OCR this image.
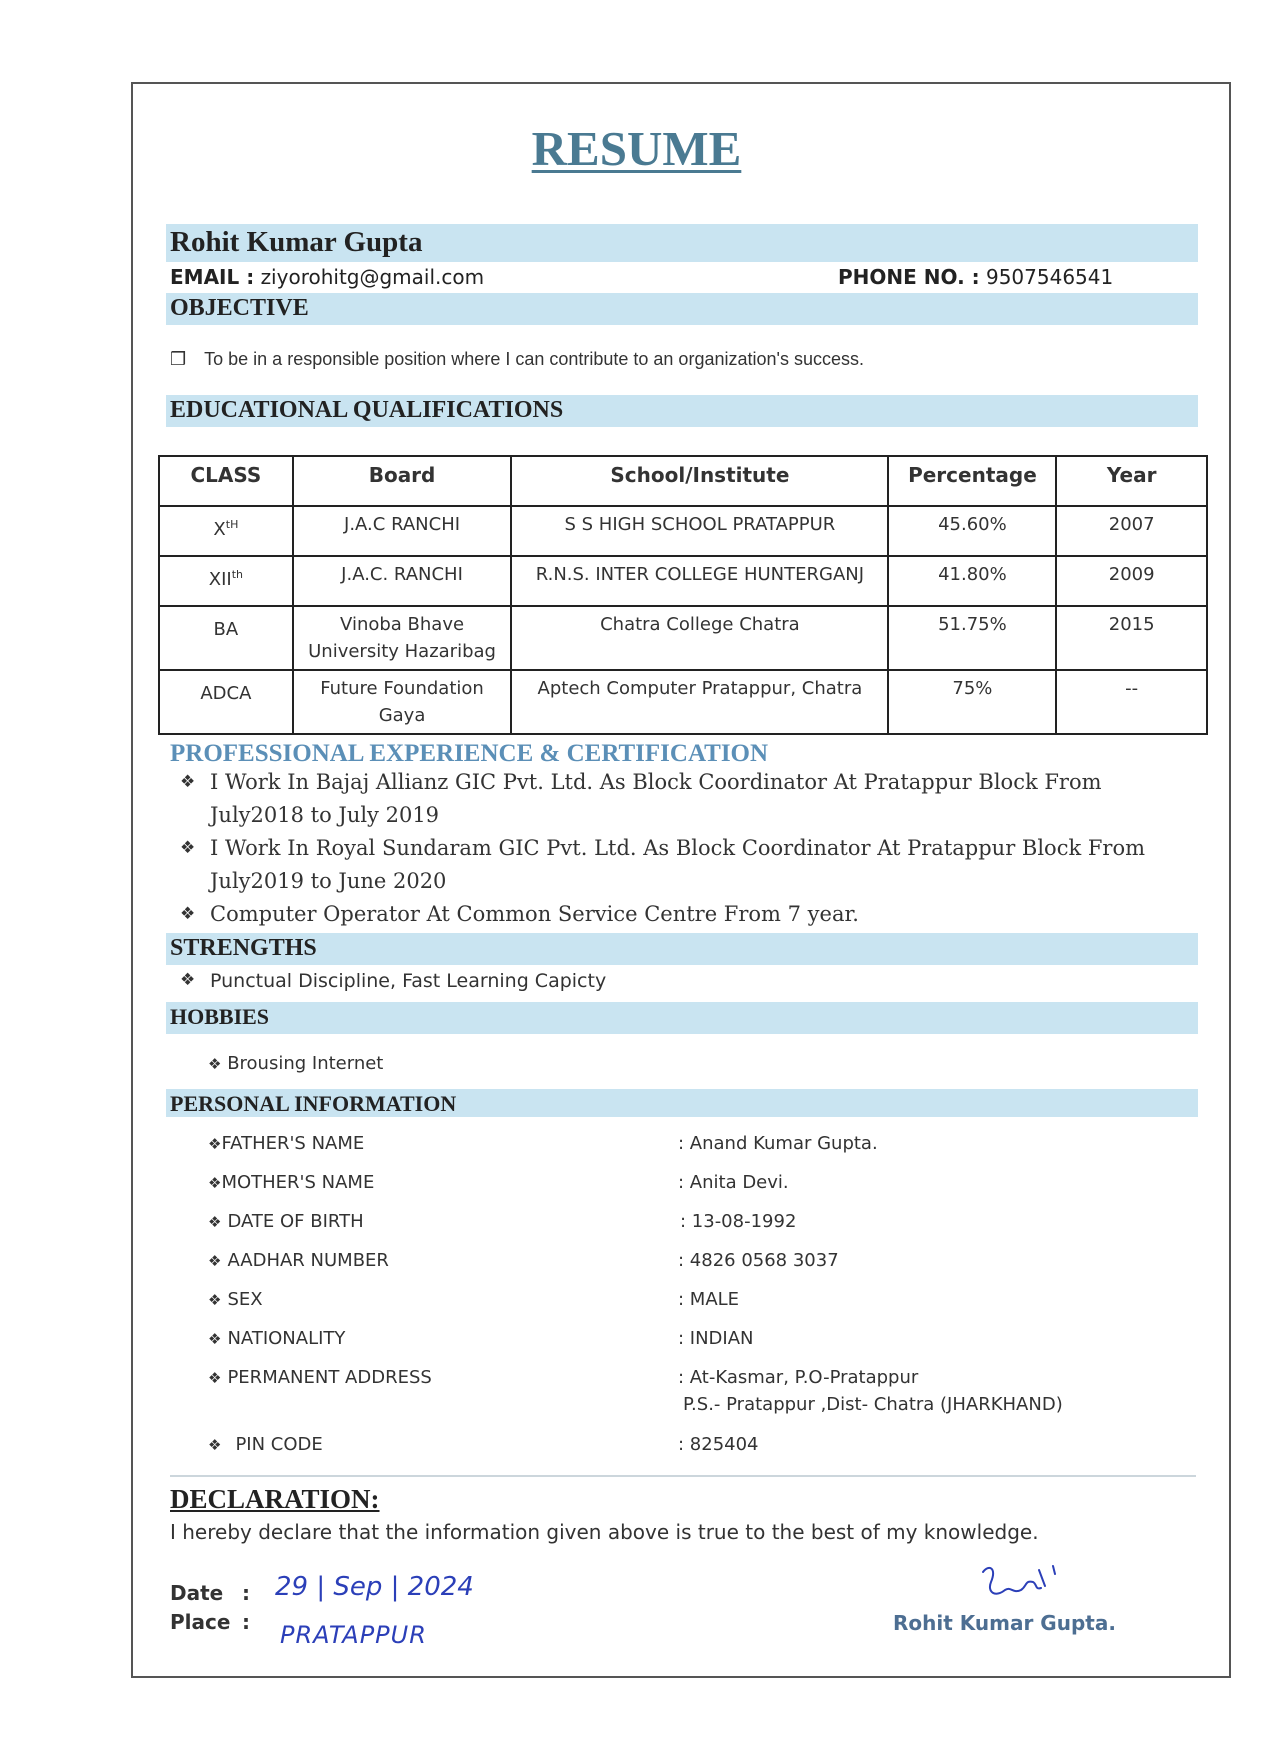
RESUME
Rohit Kumar Gupta
EMAIL : ziyorohitg@gmail.com	PHONE NO. : 9507546541
OBJECTIVE
❒ To be in a responsible position where I can contribute to an organization's success.
EDUCATIONAL QUALIFICATIONS
CLASS	Board	School/Institute	Percentage	Year
XtH	J.A.C RANCHI	S S HIGH SCHOOL PRATAPPUR	45.60%	2007
XIIth	J.A.C. RANCHI	R.N.S. INTER COLLEGE HUNTERGANJ	41.80%	2009
BA	Vinoba Bhave University Hazaribag	Chatra College Chatra	51.75%	2015
ADCA	Future Foundation Gaya	Aptech Computer Pratappur, Chatra	75%	--
PROFESSIONAL EXPERIENCE & CERTIFICATION
❖ I Work In Bajaj Allianz GIC Pvt. Ltd. As Block Coordinator At Pratappur Block From July2018 to July 2019
❖ I Work In Royal Sundaram GIC Pvt. Ltd. As Block Coordinator At Pratappur Block From July2019 to June 2020
❖ Computer Operator At Common Service Centre From 7 year.
STRENGTHS
❖ Punctual Discipline, Fast Learning Capicty
HOBBIES
❖ Brousing Internet
PERSONAL INFORMATION
❖FATHER'S NAME	: Anand Kumar Gupta.
❖MOTHER'S NAME	: Anita Devi.
❖ DATE OF BIRTH	: 13-08-1992
❖ AADHAR NUMBER	: 4826 0568 3037
❖ SEX	: MALE
❖ NATIONALITY	: INDIAN
❖ PERMANENT ADDRESS	: At-Kasmar, P.O-Pratappur
P.S.- Pratappur ,Dist- Chatra (JHARKHAND)
❖ PIN CODE	: 825404
DECLARATION:
I hereby declare that the information given above is true to the best of my knowledge.
Date : 29 | Sep | 2024
Place : PRATAPPUR
Rohit
Rohit Kumar Gupta.
